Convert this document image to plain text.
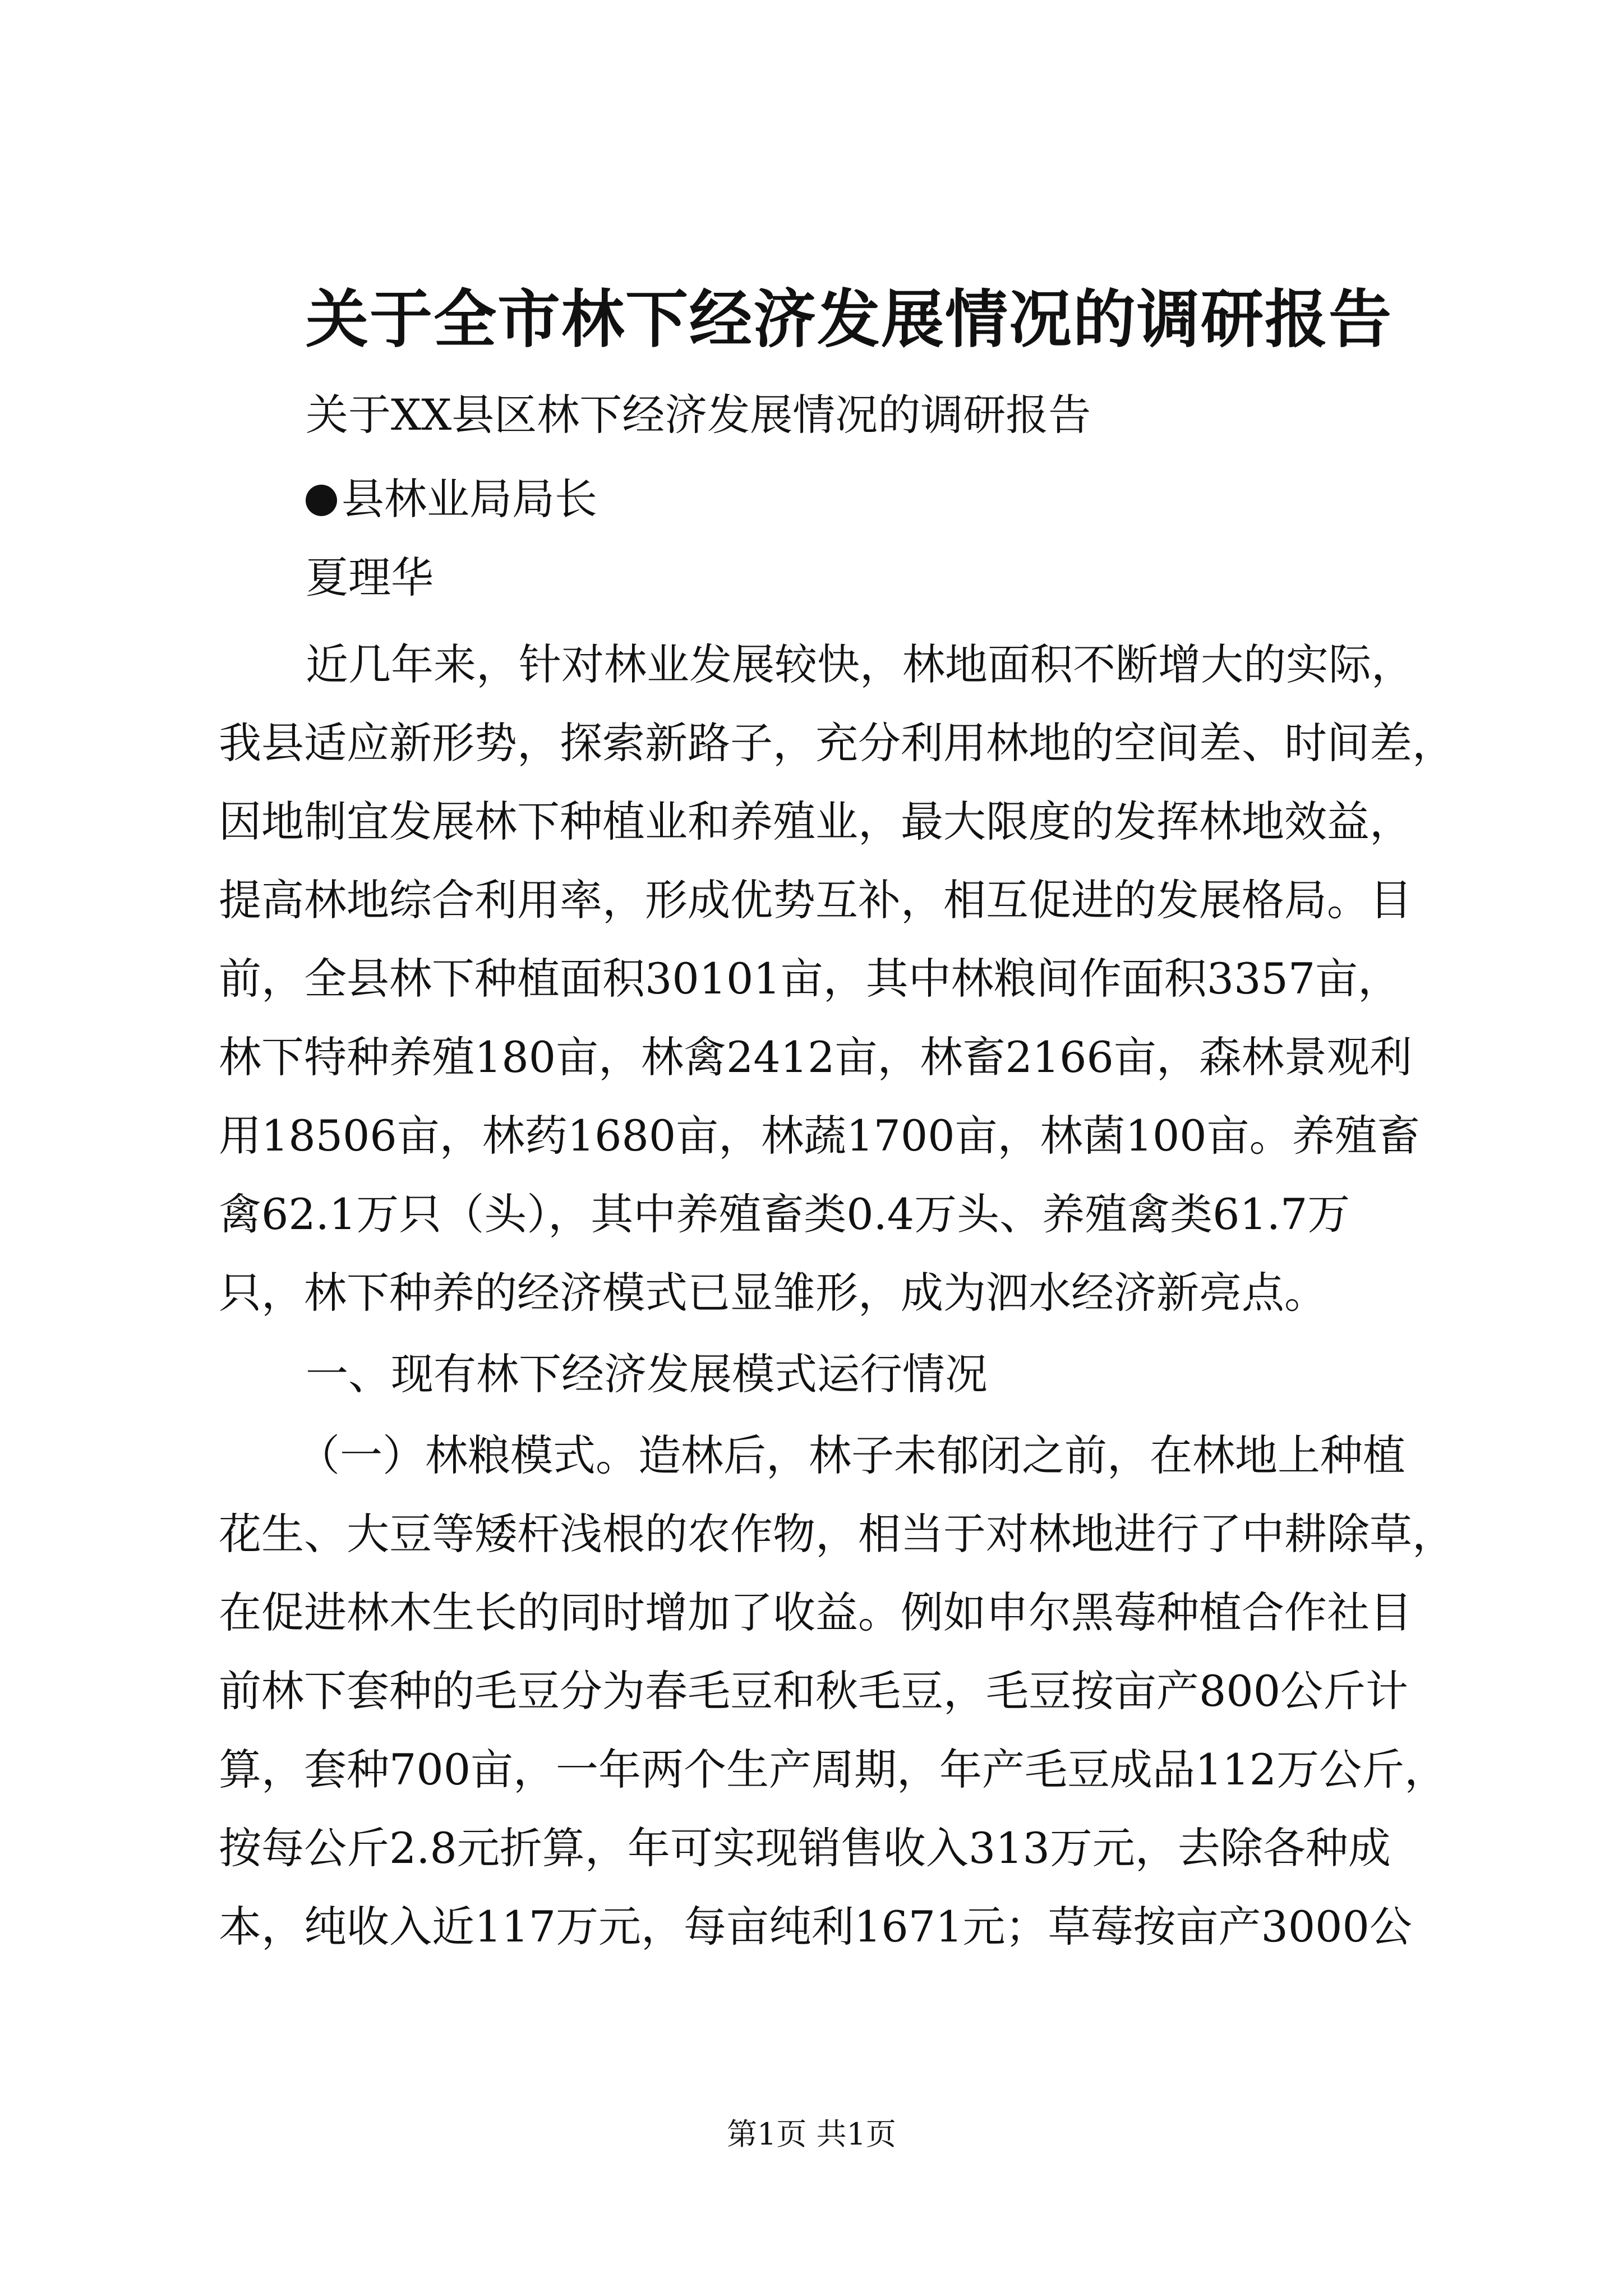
关于全市林下经济发展情况的调研报告
关于XX县区林下经济发展情况的调研报告
县林业局局长
夏理华
近几年来，针对林业发展较快，林地面积不断增大的实际，
我县适应新形势，探索新路子，充分利用林地的空间差、时间差，
因地制宜发展林下种植业和养殖业，最大限度的发挥林地效益，
提高林地综合利用率，形成优势互补，相互促进的发展格局。目
前，全县林下种植面积30101亩，其中林粮间作面积3357亩，
林下特种养殖180亩，林禽2412亩，林畜2166亩，森林景观利
用18506亩，林药1680亩，林蔬1700亩，林菌100亩。养殖畜
禽62.1万只（头），其中养殖畜类0.4万头、养殖禽类61.7万
只，林下种养的经济模式已显雏形，成为泗水经济新亮点。
一、现有林下经济发展模式运行情况
（一）林粮模式。造林后，林子未郁闭之前，在林地上种植
花生、大豆等矮杆浅根的农作物，相当于对林地进行了中耕除草，
在促进林木生长的同时增加了收益。例如申尔黑莓种植合作社目
前林下套种的毛豆分为春毛豆和秋毛豆，毛豆按亩产800公斤计
算，套种700亩，一年两个生产周期，年产毛豆成品112万公斤，
按每公斤2.8元折算，年可实现销售收入313万元，去除各种成
本，纯收入近117万元，每亩纯利1671元；草莓按亩产3000公
第1页 共1页
